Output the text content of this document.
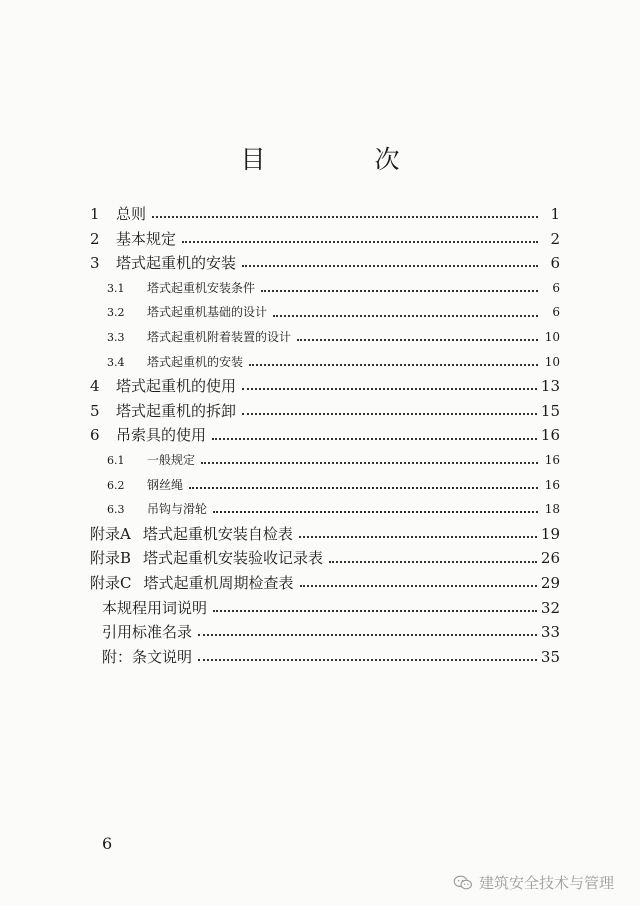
目　次
1	总则	1
2	基本规定	2
3	塔式起重机的安装	6
3.1	塔式起重机安装条件	6
3.2	塔式起重机基础的设计	6
3.3	塔式起重机附着装置的设计	10
3.4	塔式起重机的安装	10
4	塔式起重机的使用	13
5	塔式起重机的拆卸	15
6	吊索具的使用	16
6.1	一般规定	16
6.2	钢丝绳	16
6.3	吊钩与滑轮	18
附录A 塔式起重机安装自检表	19
附录B 塔式起重机安装验收记录表	26
附录C 塔式起重机周期检查表	29
本规程用词说明	32
引用标准名录	33
附：条文说明	35
6
建筑安全技术与管理
